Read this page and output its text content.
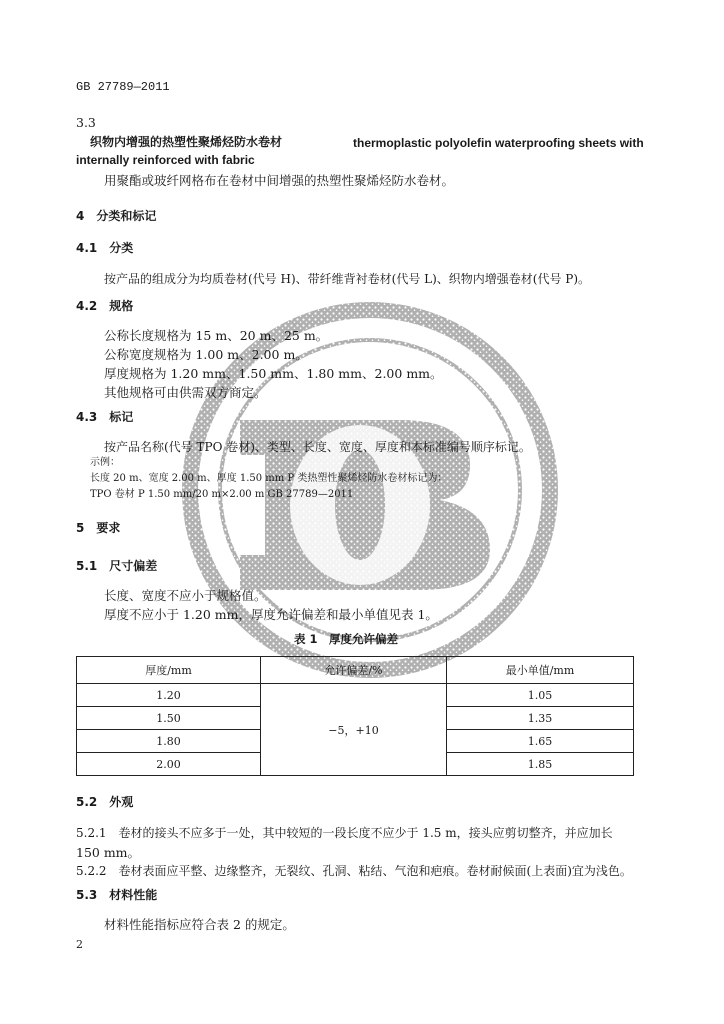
GB 27789—2011
3.3
织物内增强的热塑性聚烯烃防水卷材	thermoplastic polyolefin waterproofing sheets with
internally reinforced with fabric
用聚酯或玻纤网格布在卷材中间增强的热塑性聚烯烃防水卷材。
4　分类和标记
4.1　分类
按产品的组成分为均质卷材(代号 H)、带纤维背衬卷材(代号 L)、织物内增强卷材(代号 P)。
4.2　规格
公称长度规格为 15 m、20 m、25 m。
公称宽度规格为 1.00 m、2.00 m。
厚度规格为 1.20 mm、1.50 mm、1.80 mm、2.00 mm。
其他规格可由供需双方商定。
4.3　标记
按产品名称(代号 TPO 卷材)、类型、长度、宽度、厚度和本标准编号顺序标记。
示例：
长度 20 m、宽度 2.00 m、厚度 1.50 mm P 类热塑性聚烯烃防水卷材标记为：
TPO 卷材 P 1.50 mm/20 m×2.00 m GB 27789—2011
5　要求
5.1　尺寸偏差
长度、宽度不应小于规格值。
厚度不应小于 1.20 mm，厚度允许偏差和最小单值见表 1。
表 1　厚度允许偏差
厚度/mm	允许偏差/%	最小单值/mm
1.20	−5，+10	1.05
1.50		1.35
1.80		1.65
2.00		1.85
5.2　外观
5.2.1　卷材的接头不应多于一处，其中较短的一段长度不应少于 1.5 m，接头应剪切整齐，并应加长
150 mm。
5.2.2　卷材表面应平整、边缘整齐，无裂纹、孔洞、粘结、气泡和疤痕。卷材耐候面(上表面)宜为浅色。
5.3　材料性能
材料性能指标应符合表 2 的规定。
2
